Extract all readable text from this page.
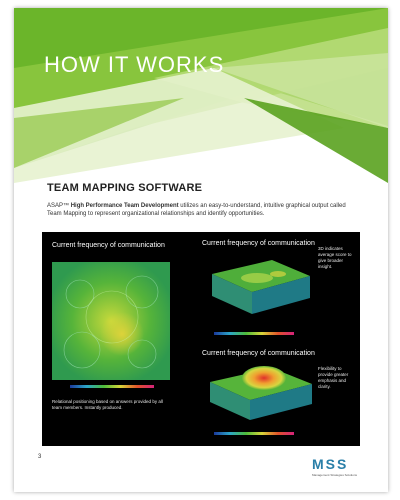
HOW IT WORKS
TEAM MAPPING SOFTWARE
ASAP™ High Performance Team Development utilizes an easy-to-understand, intuitive graphical output called Team Mapping to represent organizational relationships and identify opportunities.
Current frequency of communication
Relational positioning based on answers provided by all team members. Instantly produced.
Current frequency of communication
3D indicates average score to give broader insight.
Current frequency of communication
Flexibility to provide greater emphasis and clarity.
3	MSS
Management Strategies Solutions
